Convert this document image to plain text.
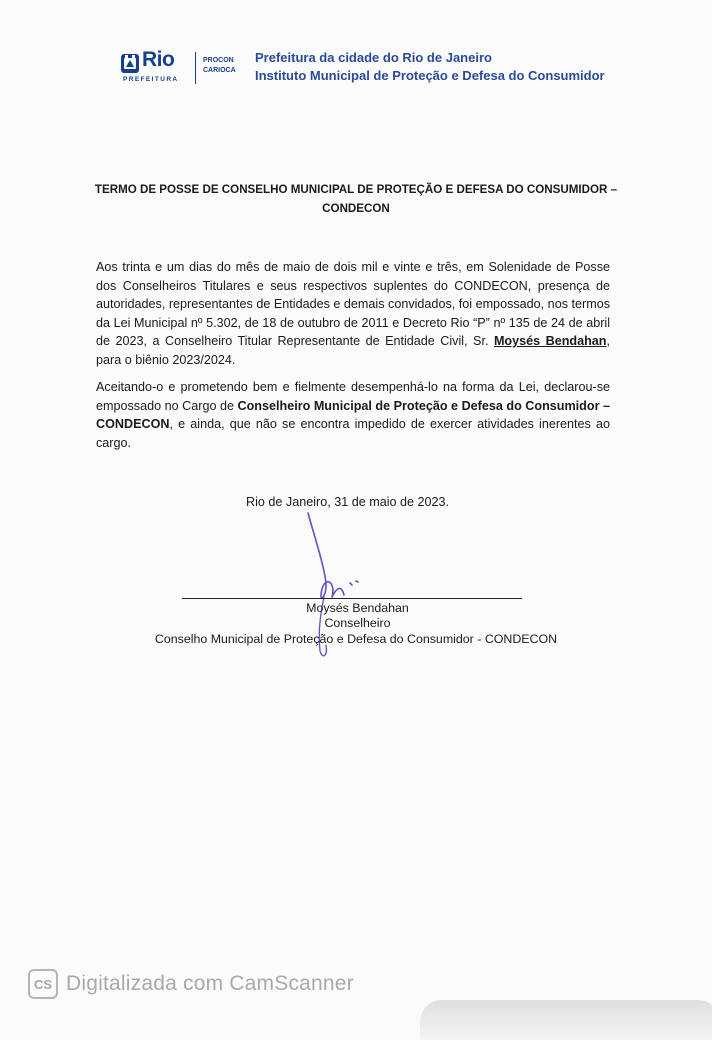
Rio
PREFEITURA
PROCON
CARIOCA
Prefeitura da cidade do Rio de Janeiro
Instituto Municipal de Proteção e Defesa do Consumidor
TERMO DE POSSE DE CONSELHO MUNICIPAL DE PROTEÇÃO E DEFESA DO CONSUMIDOR –
CONDECON
Aos trinta e um dias do mês de maio de dois mil e vinte e três, em Solenidade de Posse dos Conselheiros Titulares e seus respectivos suplentes do CONDECON, presença de autoridades, representantes de Entidades e demais convidados, foi empossado, nos termos da Lei Municipal nº 5.302, de 18 de outubro de 2011 e Decreto Rio “P” nº 135 de 24 de abril de 2023, a Conselheiro Titular Representante de Entidade Civil, Sr. Moysés Bendahan, para o biênio 2023/2024.
Aceitando-o e prometendo bem e fielmente desempenhá-lo na forma da Lei, declarou-se empossado no Cargo de Conselheiro Municipal de Proteção e Defesa do Consumidor – CONDECON, e ainda, que não se encontra impedido de exercer atividades inerentes ao cargo.
Rio de Janeiro, 31 de maio de 2023.
Moysés Bendahan
Conselheiro
Conselho Municipal de Proteção e Defesa do Consumidor - CONDECON
CS Digitalizada com CamScanner
